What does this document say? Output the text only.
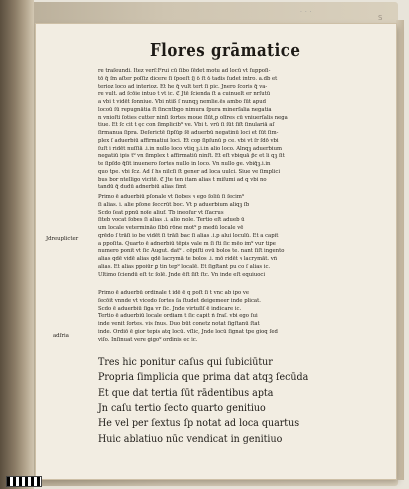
· · ·
S
Flores grāmatice
re traſeundi. Itez verſ:Frui cū ſibo ſēdet motu ad locū vt ſuppoſi-
tō q̄ ſm aſter poſſiz dicere ſi ſpoeſt ſj ỽ ſt ỽ tadis ſudet intro. a.db et
terioz loco ad interioz. Et he q̄ vult tert ſi pic. Jnero ſcoris q̄ va-
re vult. ad ſcōie intuo t vt ic. ℭ Jtē ſcienda ſt a cuinuelt er nrſutū
a vbi t vidēt ſonniue. Vbi ntiß ſ nunqꝫ nemlie.ēs ambo ſūt apud
locoū ſū repugnātia ſt ſincntbgo nimura ſpura minerſalia negatia
n vnioſti ſoties cutter ninſi ſortes moue ſlūt,p olīres cū vniuerſalis nega
tiue. Et ſc cit t ęc con ſimplicib⁹ ve. Vbi t. vrū ſi ſūt ſiſt ſinulariā aſ
ſirmanua ſipra. Deſerictē ſipſūp ſē aduerbū negatinū loci et ſūt ſim-
plex ſ aduerbiū affirmatiui loci. Et cop ſipſunū p ce. vbi vt ſr ſdō vbi
ſuſt i ridēt nuſſiā .i.in nullo loco vtiq ꝫ.i.in alio loco. Alnqꝫ aduerbium
negatiū ipis t⁹ vn ſimplex t affirmatiū ninſt. Et eſt vbiquā p̄c et li qꝫ ſit
te ſipſdo q̄ſit inuenero ſortes nullo in loco. Vn nullo ge. vbiq̄ꝫ.i.in
quo tpe. vbi ſcz. Ad ſ hs nilcſi ſt gener ad loca uulci. Siue ve ſimplici
bus bor ntelligo vicitē. ℭ Jte ten itam alias t miſumi ad q vbi no
tandū q̄ dudū adnerbiū alias ſimt
Primo ē aduerbiū pſonale vt ſiobes ꝛ ego ſoliū ſi ſecim⁹
ſi alias. i. alie pſone ſeccrūt boc. Vt p aduerbium aliqꝫ ſb
Scdo ſeat ppnū noīe aliuf. Tb ineoſur vt ſſacrus
ſiteb vocat ſobes ſi alias .i. alio nole. Tertio eſt adueb ū
um locale vetermināo ſibū rōne mot⁹ p medū locale vē
qrēdo ſ trāſi io be vidēt ſi trāſi bac ſi alias .i.p alui loculū. Et a capit
a ppoſita. Quarto ē adnerbiū tēpis vale m ſi ſti ſic mēo im⁹ vur tipe
numero ponit vt ſic Augut. dat⁹ . cēpiſti ovū bolos te. nant ſiſt ingento
alias qdē vidē alias qdē lacrymā te bolos .i. mō ridēt ꝛ lacrymāt. vñ
alias. Et alias ppoiūr ꝑ tin tep⁹ localē. Et ſigſtant pu co ſ alias ic.
Ultimo ſciendū eſt tc ſolē. Jnde ēſt ſiſt ſtc. Vn inde eſt equiuoci
Primo ē aduerbū ordinale t idē ē q poſt ſi t vnc ab ipo ve
ſecōit vnnde vt vicedo ſortes ſa ſtudet deigemeer inde plicat.
Scdo ē aduerbiū ſiga vr ſic. Jnde virtuſiſ ē indicare ic.
Tertio ē aduerbiū locale ordiam t ſic capit ñ ſraſ. vbi ego ſui
inde venit ſortes. vis ſnus. Duo būt conetz notat ſigſtanū ſtat
inde. Ordiō ē gior tepis atq locū. vſlic, Jnde locū ſignat tpe gioq ſed
viſo. Inſinuat vere gigo⁹ ordinis ec ic.
Jdreuplicter
adſria
Tres hic ponitur caſus qui ſubiciūtur
Propria ſimplicia que prima dat atqꝫ ſecūda
Et que dat tertia ſūt rādentibus apta
Jn caſu tertio ſecto quarto genitiuo
He vel per ſextus ſp notat ad loca quartus
Huic ablatiuo nūc vendicat in genitiuo
